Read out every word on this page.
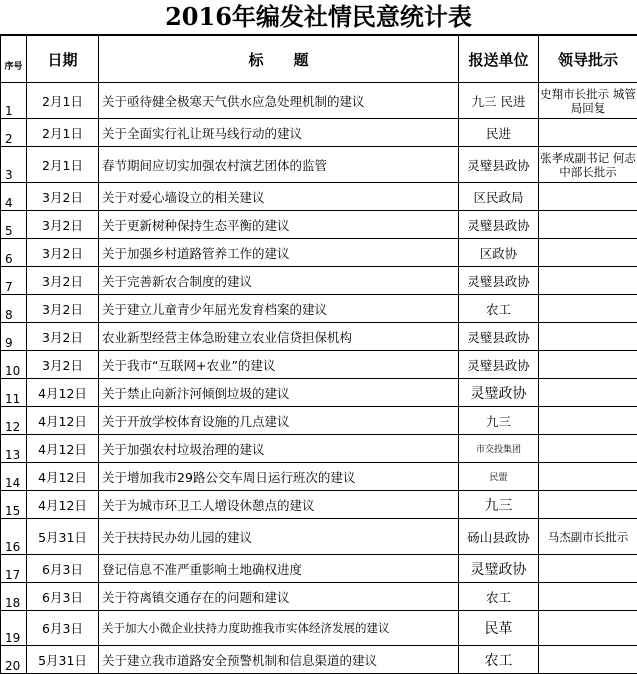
2016年编发社情民意统计表
序号	日期	标　　题	报送单位	领导批示
1	2月1日	关于亟待健全极寒天气供水应急处理机制的建议	九三 民进	史翔市长批示 城管局回复
2	2月1日	关于全面实行礼让斑马线行动的建议	民进	
3	2月1日	春节期间应切实加强农村演艺团体的监管	灵璧县政协	张孝成副书记 何志中部长批示
4	3月2日	关于对爱心墙设立的相关建议	区民政局	
5	3月2日	关于更新树种保持生态平衡的建议	灵璧县政协	
6	3月2日	关于加强乡村道路管养工作的建议	区政协	
7	3月2日	关于完善新农合制度的建议	灵璧县政协	
8	3月2日	关于建立儿童青少年屈光发育档案的建议	农工	
9	3月2日	农业新型经营主体急盼建立农业信贷担保机构	灵璧县政协	
10	3月2日	关于我市“互联网+农业”的建议	灵璧县政协	
11	4月12日	关于禁止向新汴河倾倒垃圾的建议	灵璧政协	
12	4月12日	关于开放学校体育设施的几点建议	九三	
13	4月12日	关于加强农村垃圾治理的建议	市交投集团	
14	4月12日	关于增加我市29路公交车周日运行班次的建议	民盟	
15	4月12日	关于为城市环卫工人增设休憩点的建议	九三	
16	5月31日	关于扶持民办幼儿园的建议	砀山县政协	马杰副市长批示
17	6月3日	登记信息不准严重影响土地确权进度	灵璧政协	
18	6月3日	关于符离镇交通存在的问题和建议	农工	
19	6月3日	关于加大小微企业扶持力度助推我市实体经济发展的建议	民革	
20	5月31日	关于建立我市道路安全预警机制和信息渠道的建议	农工	
